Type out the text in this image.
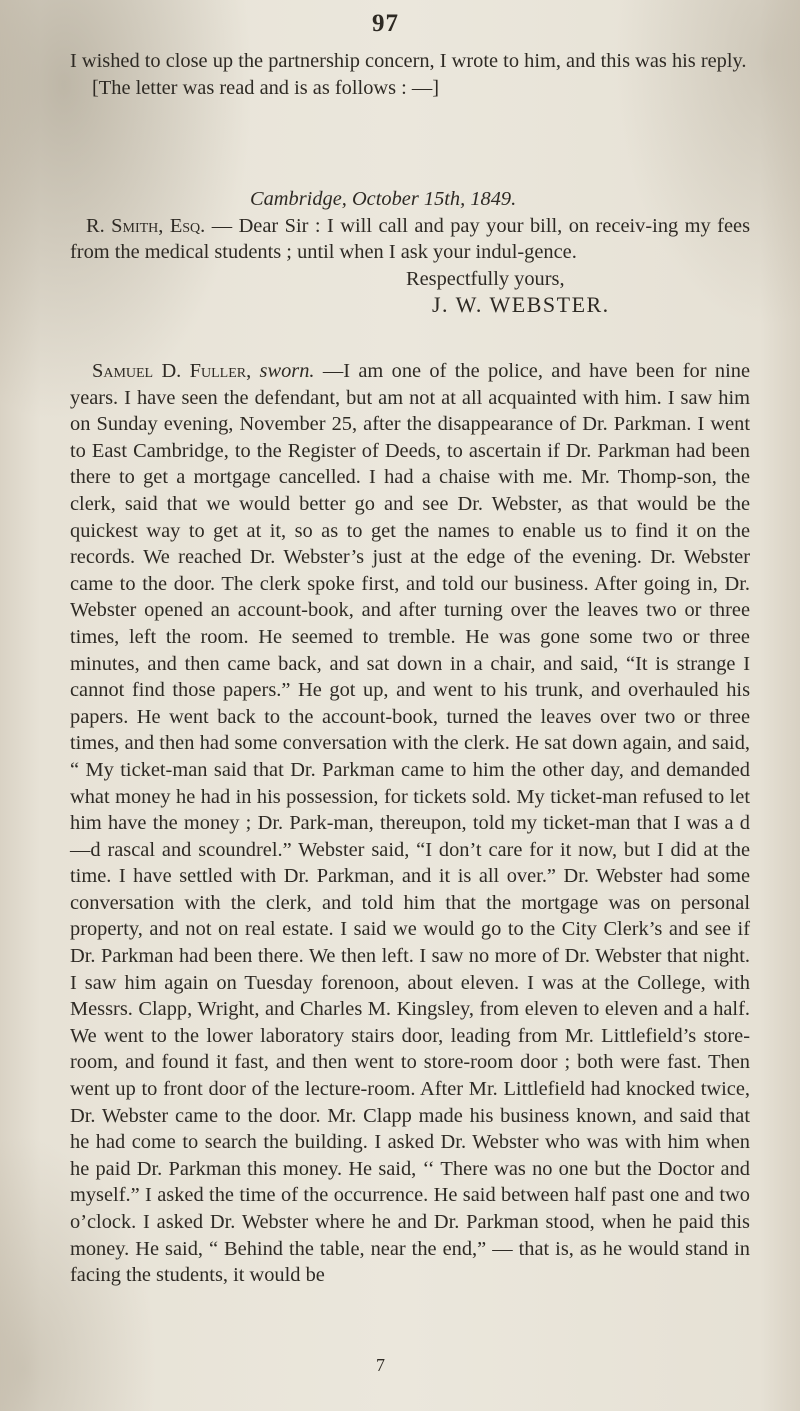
97

I wished to close up the partnership concern, I wrote to him, and this was his reply.

[The letter was read and is as follows : —]

Cambridge, October 15th, 1849.

R. Smith, Esq. — Dear Sir : I will call and pay your bill, on receiv-ing my fees from the medical students ; until when I ask your indul-gence.

Respectfully yours,
J. W. WEBSTER.

Samuel D. Fuller, sworn. —I am one of the police, and have been for nine years. I have seen the defendant, but am not at all acquainted with him. I saw him on Sunday evening, November 25, after the disappearance of Dr. Parkman. I went to East Cambridge, to the Register of Deeds, to ascertain if Dr. Parkman had been there to get a mortgage cancelled. I had a chaise with me. Mr. Thomp-son, the clerk, said that we would better go and see Dr. Webster, as that would be the quickest way to get at it, so as to get the names to enable us to find it on the records. We reached Dr. Webster’s just at the edge of the evening. Dr. Webster came to the door. The clerk spoke first, and told our business. After going in, Dr. Webster opened an account-book, and after turning over the leaves two or three times, left the room. He seemed to tremble. He was gone some two or three minutes, and then came back, and sat down in a chair, and said, “It is strange I cannot find those papers.” He got up, and went to his trunk, and overhauled his papers. He went back to the account-book, turned the leaves over two or three times, and then had some conversation with the clerk. He sat down again, and said, “ My ticket-man said that Dr. Parkman came to him the other day, and demanded what money he had in his possession, for tickets sold. My ticket-man refused to let him have the money ; Dr. Park-man, thereupon, told my ticket-man that I was a d—d rascal and scoundrel.” Webster said, “I don’t care for it now, but I did at the time. I have settled with Dr. Parkman, and it is all over.” Dr. Webster had some conversation with the clerk, and told him that the mortgage was on personal property, and not on real estate. I said we would go to the City Clerk’s and see if Dr. Parkman had been there. We then left. I saw no more of Dr. Webster that night. I saw him again on Tuesday forenoon, about eleven. I was at the College, with Messrs. Clapp, Wright, and Charles M. Kingsley, from eleven to eleven and a half. We went to the lower laboratory stairs door, leading from Mr. Littlefield’s store-room, and found it fast, and then went to store-room door ; both were fast. Then went up to front door of the lecture-room. After Mr. Littlefield had knocked twice, Dr. Webster came to the door. Mr. Clapp made his business known, and said that he had come to search the building. I asked Dr. Webster who was with him when he paid Dr. Parkman this money. He said, ‘‘ There was no one but the Doctor and myself.” I asked the time of the occurrence. He said between half past one and two o’clock. I asked Dr. Webster where he and Dr. Parkman stood, when he paid this money. He said, “ Behind the table, near the end,” — that is, as he would stand in facing the students, it would be

7
